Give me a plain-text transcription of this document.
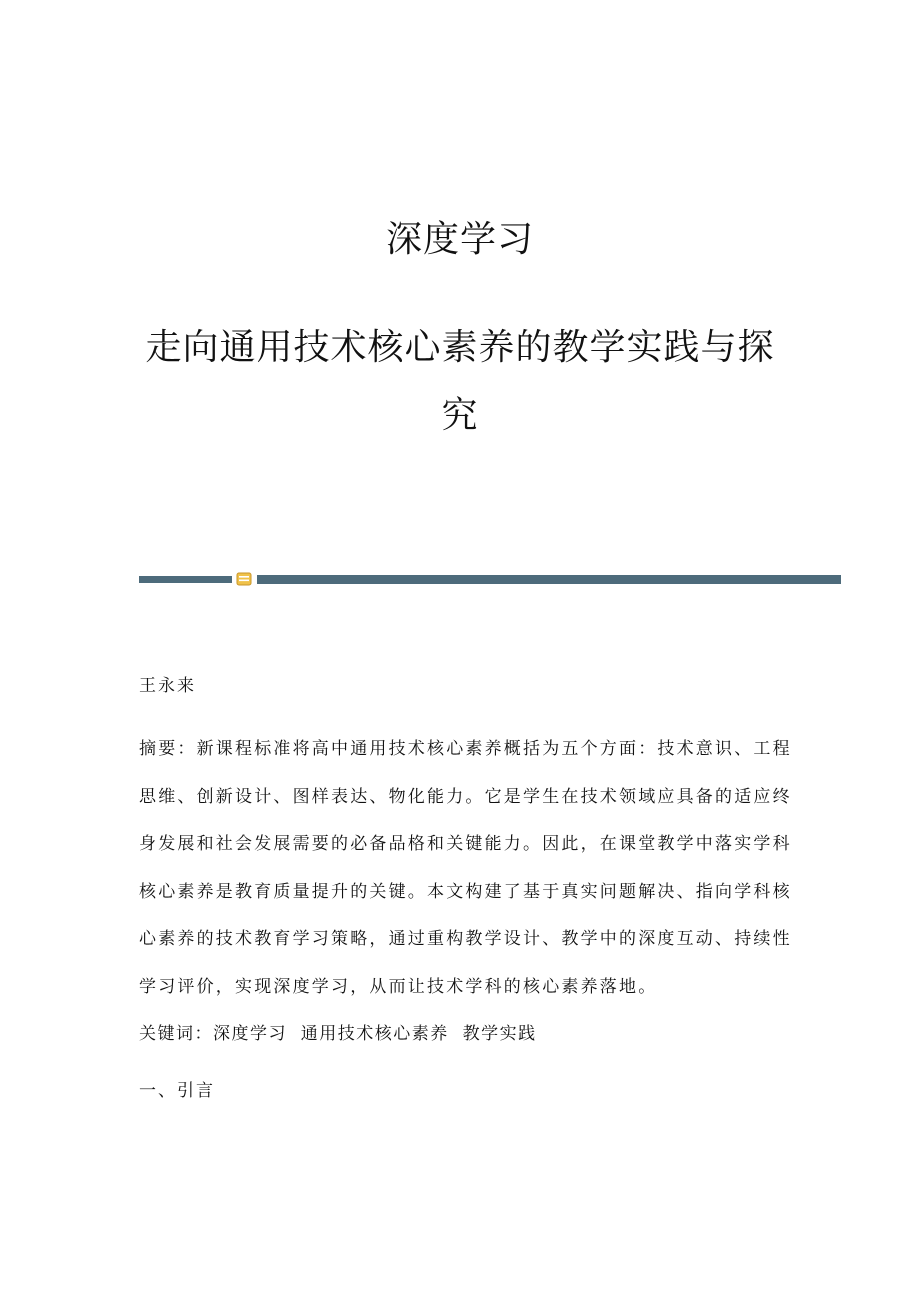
深度学习
走向通用技术核心素养的教学实践与探
究
王永来

摘要：新课程标准将高中通用技术核心素养概括为五个方面：技术意识、工程
思维、创新设计、图样表达、物化能力。它是学生在技术领域应具备的适应终
身发展和社会发展需要的必备品格和关键能力。因此，在课堂教学中落实学科
核心素养是教育质量提升的关键。本文构建了基于真实问题解决、指向学科核
心素养的技术教育学习策略，通过重构教学设计、教学中的深度互动、持续性
学习评价，实现深度学习，从而让技术学科的核心素养落地。

关键词：深度学习  通用技术核心素养  教学实践
一、引言
